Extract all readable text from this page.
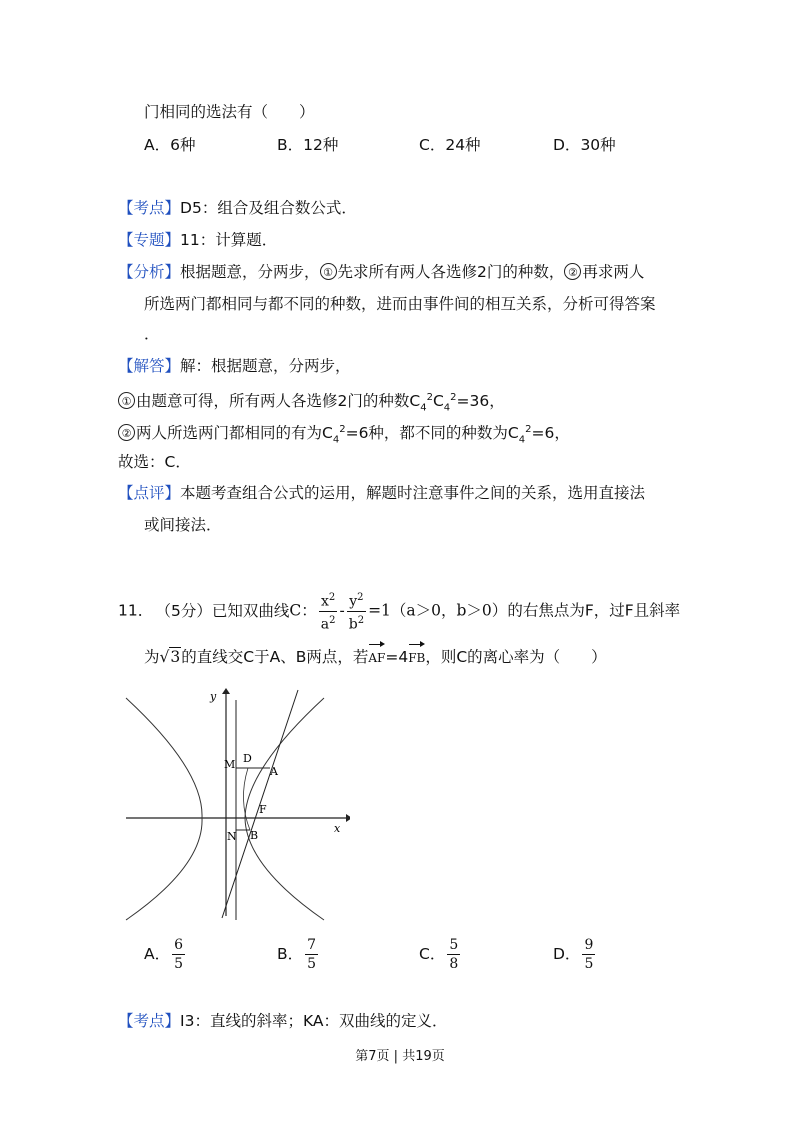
门相同的选法有（　　）
A．6种	B．12种	C．24种	D．30种
【考点】D5：组合及组合数公式．
【专题】11：计算题．
【分析】根据题意，分两步， ① 先求所有两人各选修2门的种数， ② 再求两人
所选两门都相同与都不同的种数，进而由事件间的相互关系，分析可得答案
．
【解答】解：根据题意，分两步，
① 由题意可得，所有两人各选修2门的种数$C_4^2C_4^2=36$，
② 两人所选两门都相同的有为$C_4^2=6$种，都不同的种数为$C_4^2=6$，
故选：C．
【点评】本题考查组合公式的运用，解题时注意事件之间的关系，选用直接法
或间接法．
11． （5分）已知双曲线C： $\frac{x^2}{a^2} - \frac{y^2}{b^2} =1(a>0$，b＞0）的右焦点为F，过F且斜率
为√3的直线交C于A、B两点，若AF=4FB，则C的离心率为（　　）
y
x
M D
A
F
N B
A． $\frac{6}{5}$	B． $\frac{7}{5}$	C． $\frac{5}{8}$	D． $\frac{9}{5}$
【考点】I3：直线的斜率；KA：双曲线的定义．
第7页 | 共19页
